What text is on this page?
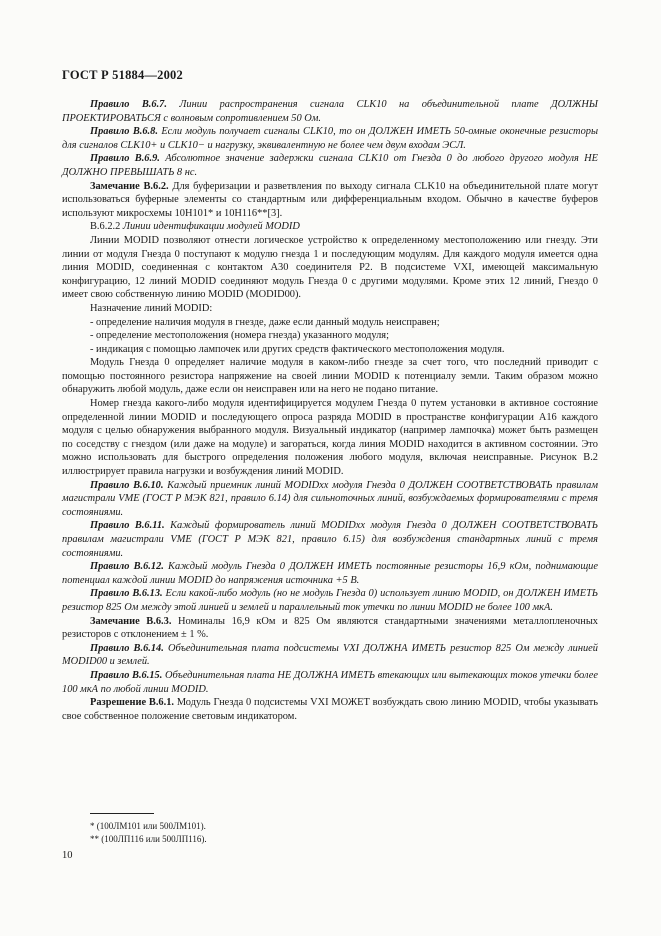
ГОСТ Р 51884—2002

Правило В.6.7. Линии распространения сигнала CLK10 на объединительной плате ДОЛЖНЫ ПРОЕКТИРОВАТЬСЯ с волновым сопротивлением 50 Ом.

Правило В.6.8. Если модуль получает сигналы CLK10, то он ДОЛЖЕН ИМЕТЬ 50-омные оконечные резисторы для сигналов CLK10+ и CLK10− и нагрузку, эквивалентную не более чем двум входам ЭСЛ.

Правило В.6.9. Абсолютное значение задержки сигнала CLK10 от Гнезда 0 до любого другого модуля НЕ ДОЛЖНО ПРЕВЫШАТЬ 8 нс.

Замечание В.6.2. Для буферизации и разветвления по выходу сигнала CLK10 на объединительной плате могут использоваться буферные элементы со стандартным или дифференциальным входом. Обычно в качестве буферов используют микросхемы 10Н101* и 10Н116**[3].

В.6.2.2 Линии идентификации модулей MODID

Линии MODID позволяют отнести логическое устройство к определенному местоположению или гнезду. Эти линии от модуля Гнезда 0 поступают к модулю гнезда 1 и последующим модулям. Для каждого модуля имеется одна линия MODID, соединенная с контактом А30 соединителя Р2. В подсистеме VXI, имеющей максимальную конфигурацию, 12 линий MODID соединяют модуль Гнезда 0 с другими модулями. Кроме этих 12 линий, Гнездо 0 имеет свою собственную линию MODID (MODID00).

Назначение линий MODID:

- определение наличия модуля в гнезде, даже если данный модуль неисправен;

- определение местоположения (номера гнезда) указанного модуля;

- индикация с помощью лампочек или других средств фактического местоположения модуля.

Модуль Гнезда 0 определяет наличие модуля в каком-либо гнезде за счет того, что последний приводит с помощью постоянного резистора напряжение на своей линии MODID к потенциалу земли. Таким образом можно обнаружить любой модуль, даже если он неисправен или на него не подано питание.

Номер гнезда какого-либо модуля идентифицируется модулем Гнезда 0 путем установки в активное состояние определенной линии MODID и последующего опроса разряда MODID в пространстве конфигурации А16 каждого модуля с целью обнаружения выбранного модуля. Визуальный индикатор (например лампочка) может быть размещен по соседству с гнездом (или даже на модуле) и загораться, когда линия MODID находится в активном состоянии. Это можно использовать для быстрого определения положения любого модуля, включая неисправные. Рисунок В.2 иллюстрирует правила нагрузки и возбуждения линий MODID.

Правило В.6.10. Каждый приемник линий MODIDxx модуля Гнезда 0 ДОЛЖЕН СООТВЕТСТВОВАТЬ правилам магистрали VME (ГОСТ Р МЭК 821, правило 6.14) для сильноточных линий, возбуждаемых формирователями с тремя состояниями.

Правило В.6.11. Каждый формирователь линий MODIDxx модуля Гнезда 0 ДОЛЖЕН СООТВЕТСТВОВАТЬ правилам магистрали VME (ГОСТ Р МЭК 821, правило 6.15) для возбуждения стандартных линий с тремя состояниями.

Правило В.6.12. Каждый модуль Гнезда 0 ДОЛЖЕН ИМЕТЬ постоянные резисторы 16,9 кОм, поднимающие потенциал каждой линии MODID до напряжения источника +5 В.

Правило В.6.13. Если какой-либо модуль (но не модуль Гнезда 0) использует линию MODID, он ДОЛЖЕН ИМЕТЬ резистор 825 Ом между этой линией и землей и параллельный ток утечки по линии MODID не более 100 мкА.

Замечание В.6.3. Номиналы 16,9 кОм и 825 Ом являются стандартными значениями металлопленочных резисторов с отклонением ± 1 %.

Правило В.6.14. Объединительная плата подсистемы VXI ДОЛЖНА ИМЕТЬ резистор 825 Ом между линией MODID00 и землей.

Правило В.6.15. Объединительная плата НЕ ДОЛЖНА ИМЕТЬ втекающих или вытекающих токов утечки более 100 мкА по любой линии MODID.

Разрешение В.6.1. Модуль Гнезда 0 подсистемы VXI МОЖЕТ возбуждать свою линию MODID, чтобы указывать свое собственное положение световым индикатором.

* (100ЛМ101 или 500ЛМ101).
** (100ЛП116 или 500ЛП116).
10
